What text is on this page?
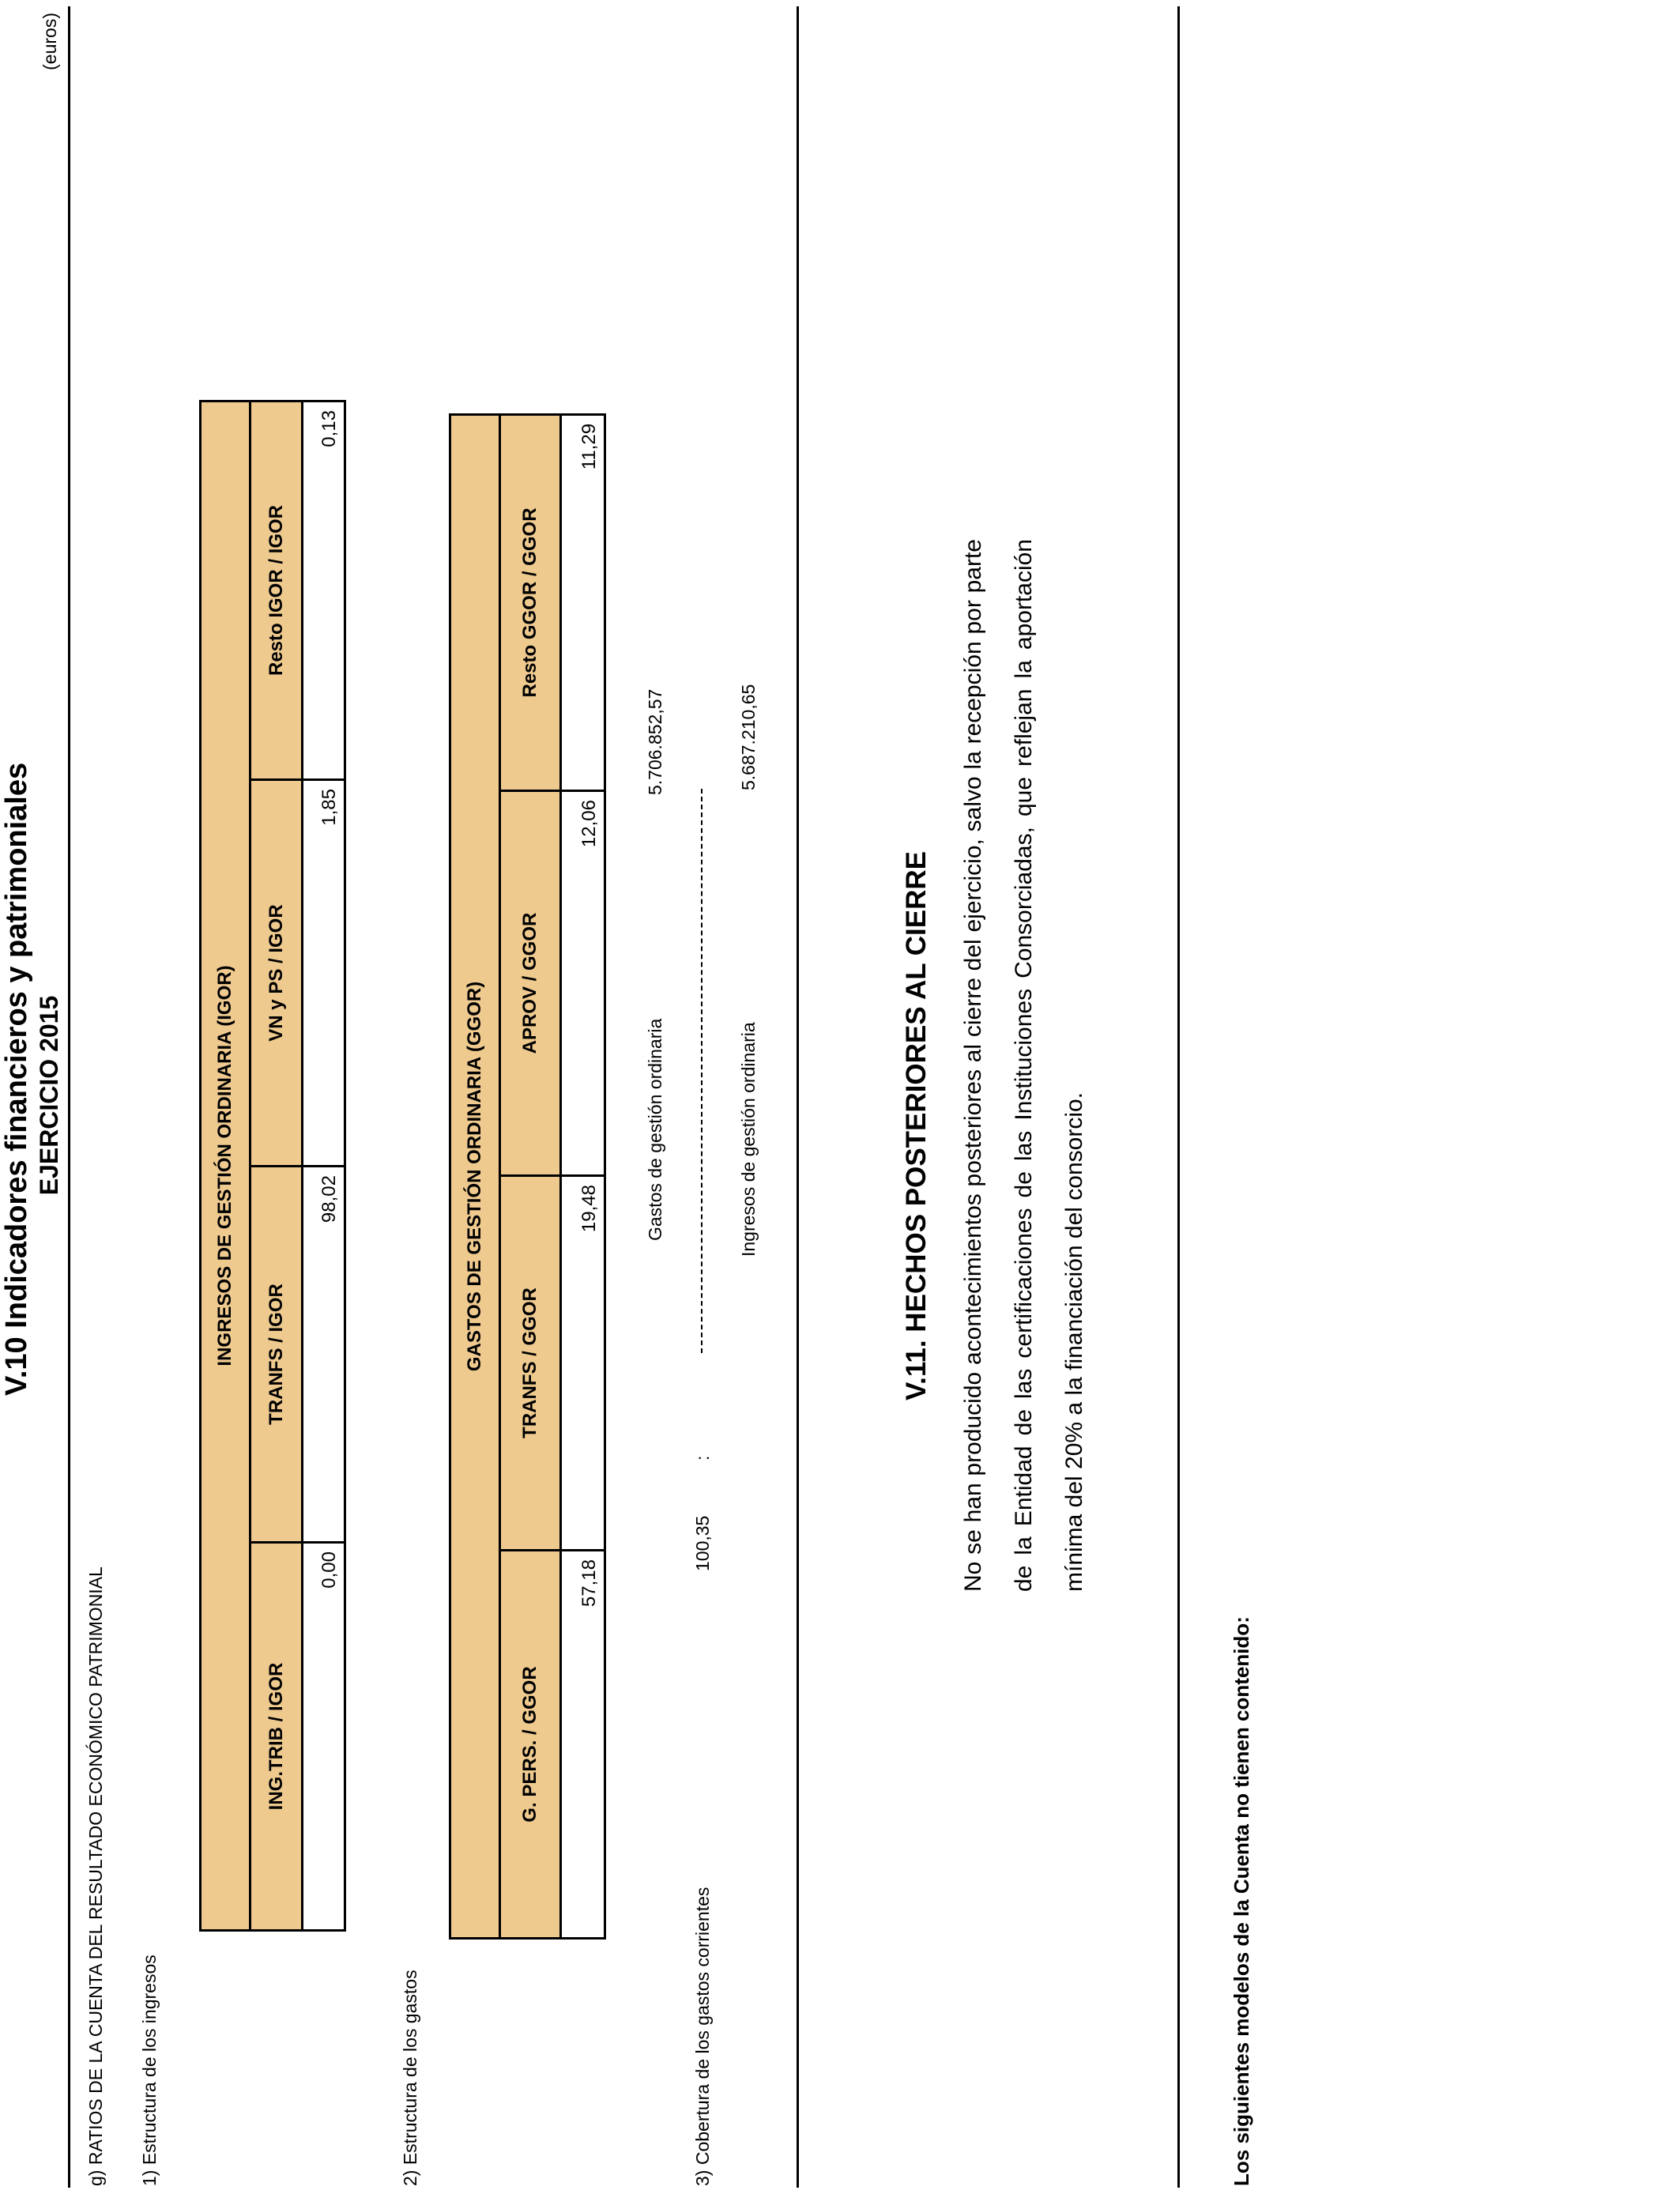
V.10 Indicadores financieros y patrimoniales EJERCICIO 2015
(euros)
g) RATIOS DE LA CUENTA DEL RESULTADO ECONÓMICO PATRIMONIAL 1) Estructura de los ingresos
INGRESOS DE GESTIÓN ORDINARIA (IGOR)			
ING.TRIB / IGOR	TRANFS / IGOR	VN y PS / IGOR	Resto IGOR / IGOR
0,00	98,02	1,85	0,13
2) Estructura de los gastos
GASTOS DE GESTIÓN ORDINARIA (GGOR)			
G. PERS. / GGOR	TRANFS / GGOR	APROV / GGOR	Resto GGOR / GGOR
57,18	19,48	12,06	11,29
3) Cobertura de los gastos corrientes
100,35
:
Gastos de gestión ordinaria
5.706.852,57
Ingresos de gestión ordinaria
5.687.210,65
V.11. HECHOS POSTERIORES AL CIERRE	No se han producido acontecimientos posteriores al cierre del ejercicio, salvo la recepción por parte de la Entidad de las certificaciones de las Instituciones Consorciadas, que reflejan la aportación mínima del 20% a la financiación del consorcio.
Los siguientes modelos de la Cuenta no tienen contenido:
